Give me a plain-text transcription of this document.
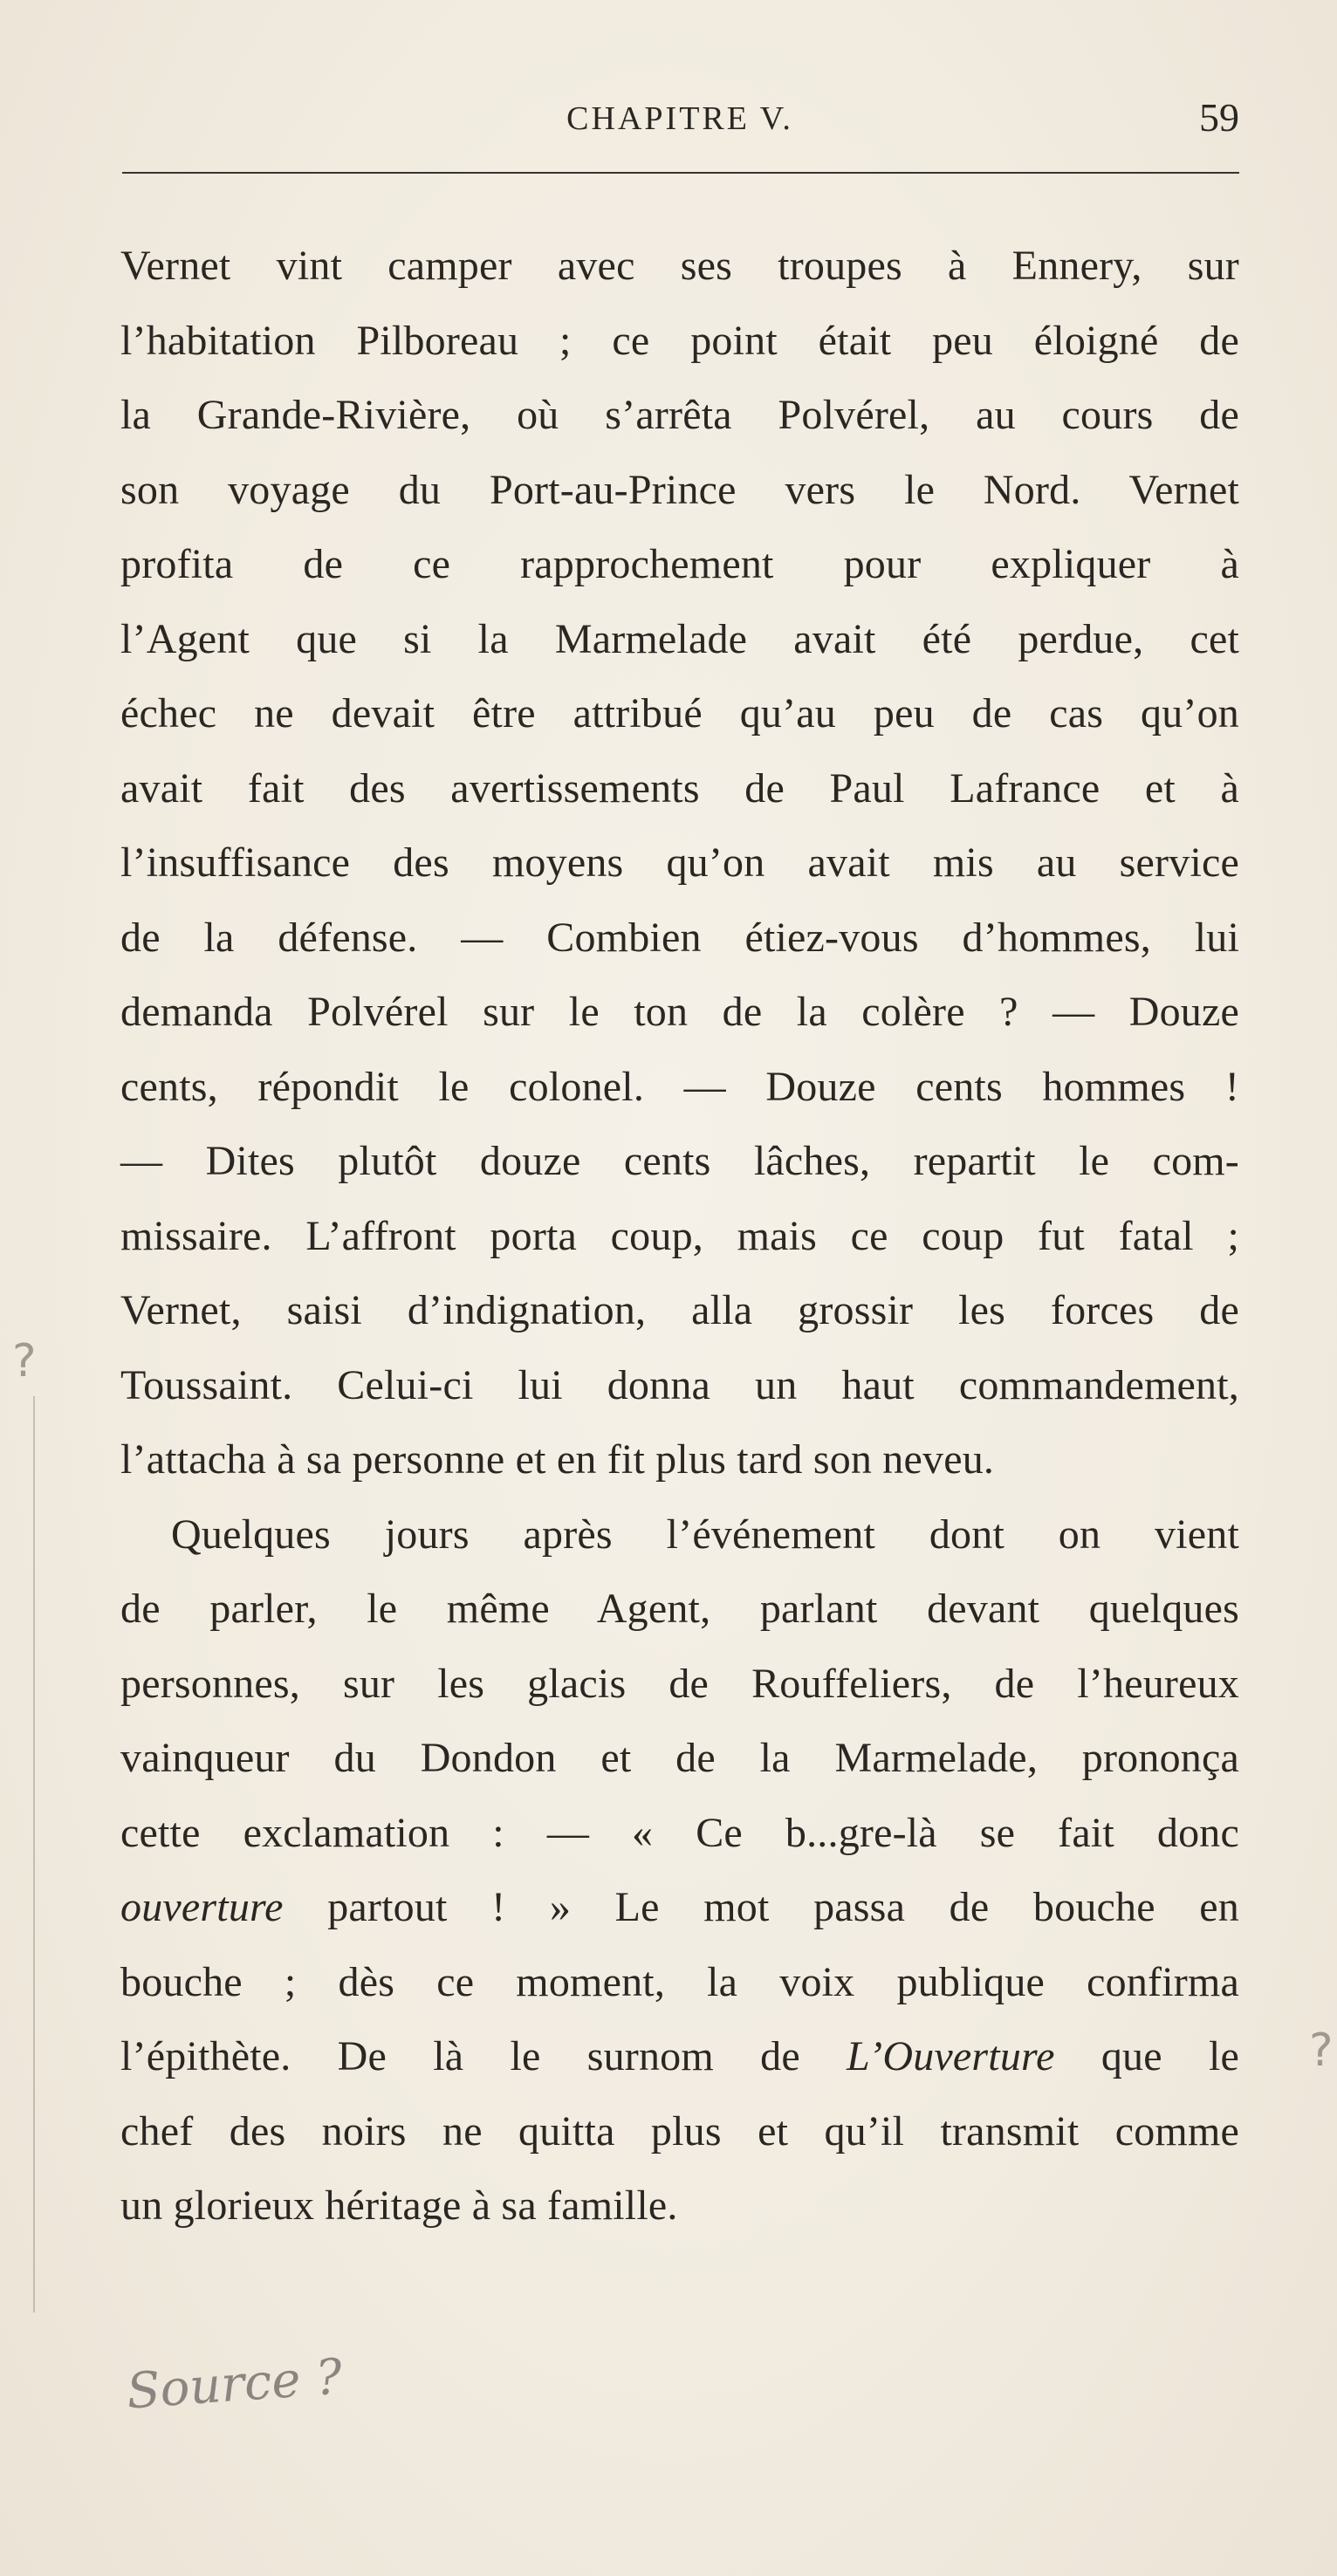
CHAPITRE V.	59
Vernet vint camper avec ses troupes à Ennery, sur
l’habitation Pilboreau ; ce point était peu éloigné de
la Grande-Rivière, où s’arrêta Polvérel, au cours de
son voyage du Port-au-Prince vers le Nord. Vernet
profita de ce rapprochement pour expliquer à
l’Agent que si la Marmelade avait été perdue, cet
échec ne devait être attribué qu’au peu de cas qu’on
avait fait des avertissements de Paul Lafrance et à
l’insuffisance des moyens qu’on avait mis au service
de la défense. — Combien étiez-vous d’hommes, lui
demanda Polvérel sur le ton de la colère ? — Douze
cents, répondit le colonel. — Douze cents hommes !
— Dites plutôt douze cents lâches, repartit le com-
missaire. L’affront porta coup, mais ce coup fut fatal ;
Vernet, saisi d’indignation, alla grossir les forces de
Toussaint. Celui-ci lui donna un haut commandement,
l’attacha à sa personne et en fit plus tard son neveu.
Quelques jours après l’événement dont on vient
de parler, le même Agent, parlant devant quelques
personnes, sur les glacis de Rouffeliers, de l’heureux
vainqueur du Dondon et de la Marmelade, prononça
cette exclamation : — « Ce b...gre-là se fait donc
ouverture partout ! » Le mot passa de bouche en
bouche ; dès ce moment, la voix publique confirma
l’épithète. De là le surnom de L’Ouverture que le
chef des noirs ne quitta plus et qu’il transmit comme
un glorieux héritage à sa famille.
?
?
Source ?
